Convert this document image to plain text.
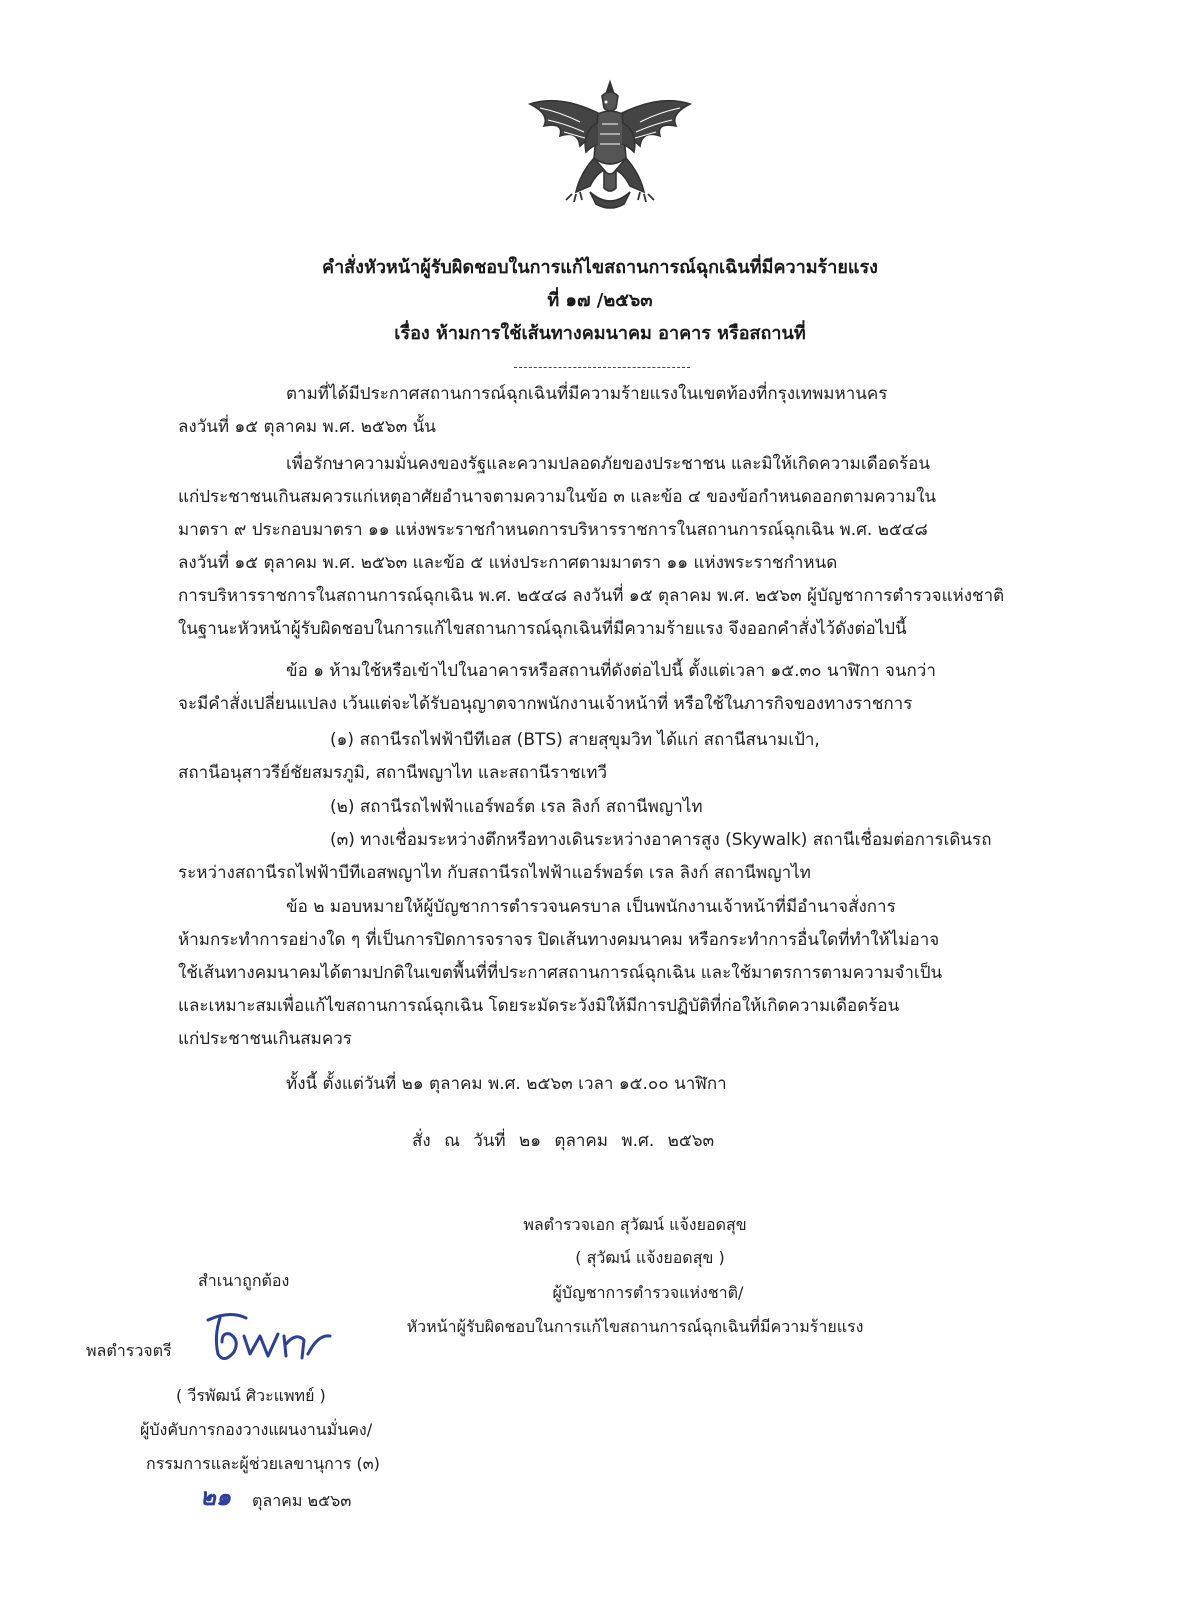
คำสั่งหัวหน้าผู้รับผิดชอบในการแก้ไขสถานการณ์ฉุกเฉินที่มีความร้ายแรง
ที่ ๑๗ /๒๕๖๓
เรื่อง ห้ามการใช้เส้นทางคมนาคม อาคาร หรือสถานที่
ตามที่ได้มีประกาศสถานการณ์ฉุกเฉินที่มีความร้ายแรงในเขตท้องที่กรุงเทพมหานคร
ลงวันที่ ๑๕ ตุลาคม พ.ศ. ๒๕๖๓ นั้น
เพื่อรักษาความมั่นคงของรัฐและความปลอดภัยของประชาชน และมิให้เกิดความเดือดร้อน
แก่ประชาชนเกินสมควรแก่เหตุอาศัยอำนาจตามความในข้อ ๓ และข้อ ๔ ของข้อกำหนดออกตามความใน
มาตรา ๙ ประกอบมาตรา ๑๑ แห่งพระราชกำหนดการบริหารราชการในสถานการณ์ฉุกเฉิน พ.ศ. ๒๕๔๘
ลงวันที่ ๑๕ ตุลาคม พ.ศ. ๒๕๖๓ และข้อ ๕ แห่งประกาศตามมาตรา ๑๑ แห่งพระราชกำหนด
การบริหารราชการในสถานการณ์ฉุกเฉิน พ.ศ. ๒๕๔๘ ลงวันที่ ๑๕ ตุลาคม พ.ศ. ๒๕๖๓ ผู้บัญชาการตำรวจแห่งชาติ
ในฐานะหัวหน้าผู้รับผิดชอบในการแก้ไขสถานการณ์ฉุกเฉินที่มีความร้ายแรง จึงออกคำสั่งไว้ดังต่อไปนี้
ข้อ ๑ ห้ามใช้หรือเข้าไปในอาคารหรือสถานที่ดังต่อไปนี้ ตั้งแต่เวลา ๑๕.๓๐ นาฬิกา จนกว่า
จะมีคำสั่งเปลี่ยนแปลง เว้นแต่จะได้รับอนุญาตจากพนักงานเจ้าหน้าที่ หรือใช้ในภารกิจของทางราชการ
(๑) สถานีรถไฟฟ้าบีทีเอส (BTS) สายสุขุมวิท ได้แก่ สถานีสนามเป้า,
สถานีอนุสาวรีย์ชัยสมรภูมิ, สถานีพญาไท และสถานีราชเทวี
(๒) สถานีรถไฟฟ้าแอร์พอร์ต เรล ลิงก์ สถานีพญาไท
(๓) ทางเชื่อมระหว่างตึกหรือทางเดินระหว่างอาคารสูง (Skywalk) สถานีเชื่อมต่อการเดินรถ
ระหว่างสถานีรถไฟฟ้าบีทีเอสพญาไท กับสถานีรถไฟฟ้าแอร์พอร์ต เรล ลิงก์ สถานีพญาไท
ข้อ ๒ มอบหมายให้ผู้บัญชาการตำรวจนครบาล เป็นพนักงานเจ้าหน้าที่มีอำนาจสั่งการ
ห้ามกระทำการอย่างใด ๆ ที่เป็นการปิดการจราจร ปิดเส้นทางคมนาคม หรือกระทำการอื่นใดที่ทำให้ไม่อาจ
ใช้เส้นทางคมนาคมได้ตามปกติในเขตพื้นที่ที่ประกาศสถานการณ์ฉุกเฉิน และใช้มาตรการตามความจำเป็น
และเหมาะสมเพื่อแก้ไขสถานการณ์ฉุกเฉิน โดยระมัดระวังมิให้มีการปฏิบัติที่ก่อให้เกิดความเดือดร้อน
แก่ประชาชนเกินสมควร
ทั้งนี้ ตั้งแต่วันที่ ๒๑ ตุลาคม พ.ศ. ๒๕๖๓ เวลา ๑๕.๐๐ นาฬิกา
สั่ง ณ วันที่ ๒๑ ตุลาคม พ.ศ. ๒๕๖๓
พลตำรวจเอก สุวัฒน์ แจ้งยอดสุข
( สุวัฒน์ แจ้งยอดสุข )
ผู้บัญชาการตำรวจแห่งชาติ/
หัวหน้าผู้รับผิดชอบในการแก้ไขสถานการณ์ฉุกเฉินที่มีความร้ายแรง
สำเนาถูกต้อง
พลตำรวจตรี
( วีรพัฒน์ ศิวะแพทย์ )
ผู้บังคับการกองวางแผนงานมั่นคง/
กรรมการและผู้ช่วยเลขานุการ (๓)
๒๑ ตุลาคม ๒๕๖๓
